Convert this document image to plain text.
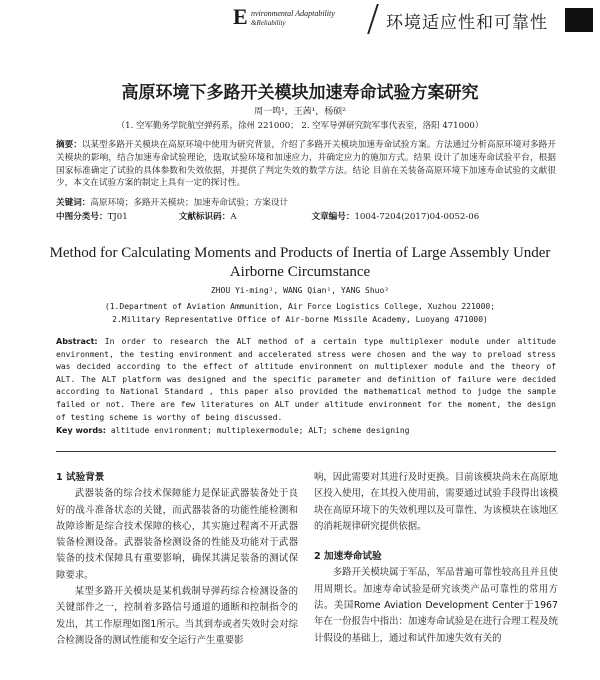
E nvironmental Adaptability
&Reliability	环境适应性和可靠性
高原环境下多路开关模块加速寿命试验方案研究
周一鸣¹，王茜¹，杨硕²
（1. 空军勤务学院航空弹药系，徐州 221000； 2. 空军导弹研究院军事代表室，洛阳 471000）
摘要：以某型多路开关模块在高原环境中使用为研究背景，介绍了多路开关模块加速寿命试验方案。方法通过分析高原环境对多路开关模块的影响，结合加速寿命试验理论，选取试验环境和加速应力，并确定应力的施加方式。结果 设计了加速寿命试验平台，根据国家标准确定了试验的具体参数和失效依据，并提供了判定失效的数学方法。结论 目前在关装备高原环境下加速寿命试验的文献很少，本文在试验方案的制定上具有一定的探讨性。
关键词：高原环境；多路开关模块；加速寿命试验；方案设计
中图分类号：TJ01	文献标识码：A	文章编号：1004-7204(2017)04-0052-06
Method for Calculating Moments and Products of Inertia of Large Assembly Under Airborne Circumstance
ZHOU Yi-ming¹, WANG Qian¹, YANG Shuo²
(1.Department of Aviation Ammunition, Air Force Logistics College, Xuzhou 221000;
2.Military Representative Office of Air-borne Missile Academy, Luoyang 471000)
Abstract: In order to research the ALT method of a certain type multiplexer module under altitude environment, the testing environment and accelerated stress were chosen and the way to preload stress was decided according to the effect of altitude environment on multiplexer module and the theory of ALT. The ALT platform was designed and the specific parameter and definition of failure were decided according to National Standard , this paper also provided the mathematical method to judge the sample failed or not. There are few literatures on ALT under altitude environment for the moment, the design of testing scheme is worthy of being discussed.
Key words: altitude environment; multiplexermodule; ALT; scheme designing
1 试验背景
武器装备的综合技术保障能力是保证武器装备处于良好的战斗准备状态的关键，而武器装备的功能性能检测和故障诊断是综合技术保障的核心，其实施过程离不开武器装备检测设备。武器装备检测设备的性能及功能对于武器装备的技术保障具有重要影响，确保其满足装备的测试保障要求。
某型多路开关模块是某机载制导弹药综合检测设备的关键部件之一，控制着多路信号通道的通断和控制指令的发出，其工作原理如图1所示。当其到寿或者失效时会对综合检测设备的测试性能和安全运行产生重要影
响，因此需要对其进行及时更换。目前该模块尚未在高原地区投入使用，在其投入使用前，需要通过试验手段得出该模块在高原环境下的失效机理以及可靠性、为该模块在该地区的消耗规律研究提供依据。
2 加速寿命试验
多路开关模块属于军品，军品普遍可靠性较高且并且使用周期长。加速寿命试验是研究该类产品可靠性的常用方法。美国Rome Aviation Development Center于1967年在一份报告中指出：加速寿命试验是在进行合理工程及统计假设的基础上，通过和试件加速失效有关的
